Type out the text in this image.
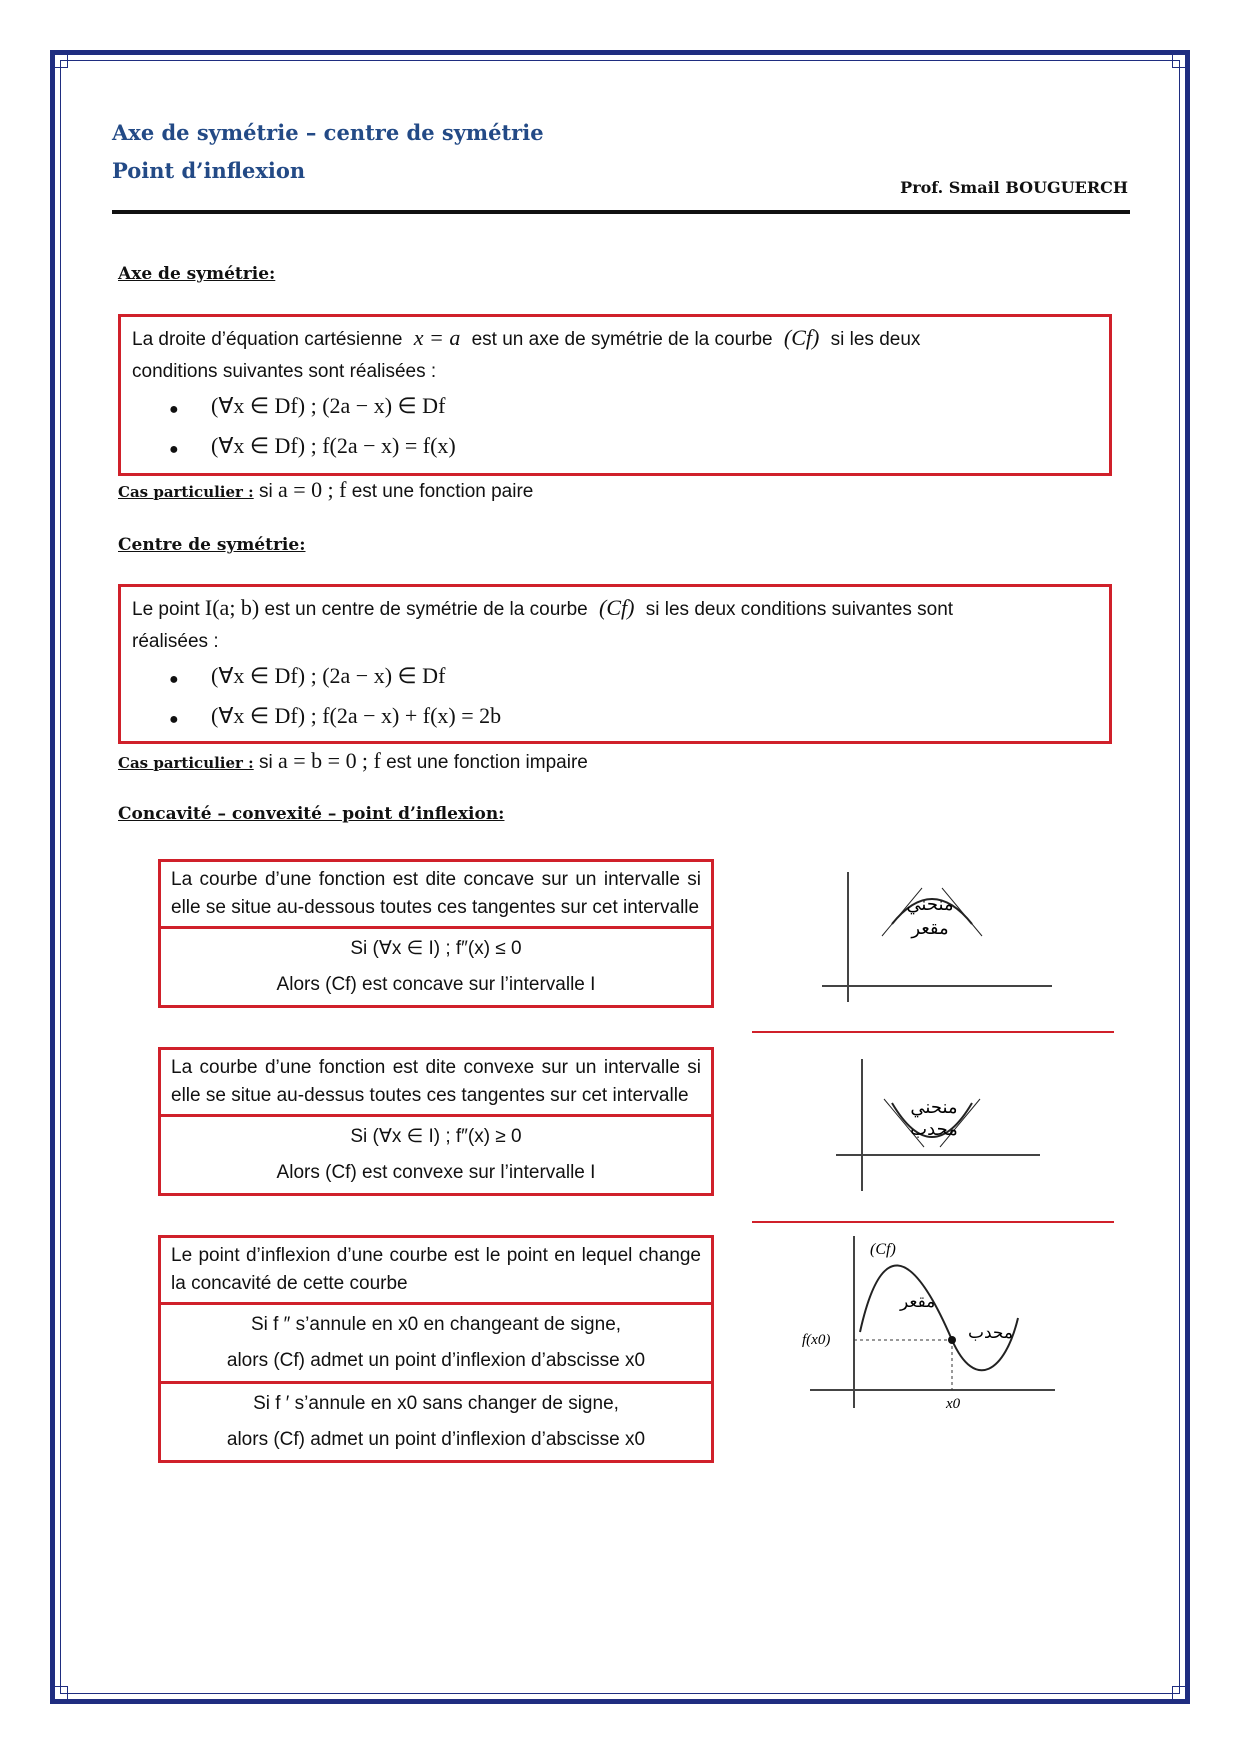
Axe de symétrie – centre de symétrie
Point d’inflexion
Prof. Smail BOUGUERCH
Axe de symétrie:
La droite d’équation cartésienne x = a est un axe de symétrie de la courbe (Cf) si les deux
conditions suivantes sont réalisées :
● (∀x ∈ Df) ; (2a − x) ∈ Df
● (∀x ∈ Df) ; f(2a − x) = f(x)
Cas particulier : si a = 0 ; f est une fonction paire
Centre de symétrie:
Le point I(a; b) est un centre de symétrie de la courbe (Cf) si les deux conditions suivantes sont
réalisées :
● (∀x ∈ Df) ; (2a − x) ∈ Df
● (∀x ∈ Df) ; f(2a − x) + f(x) = 2b
Cas particulier : si a = b = 0 ; f est une fonction impaire
Concavité – convexité – point d’inflexion:
La courbe d’une fonction est dite concave sur un intervalle si elle se situe au-dessous toutes ces tangentes sur cet intervalle
Si (∀x ∈ I) ; f″(x) ≤ 0
Alors (Cf) est concave sur l’intervalle I
La courbe d’une fonction est dite convexe sur un intervalle si elle se situe au-dessus toutes ces tangentes sur cet intervalle
Si (∀x ∈ I) ; f″(x) ≥ 0
Alors (Cf) est convexe sur l’intervalle I
Le point d’inflexion d’une courbe est le point en lequel change la concavité de cette courbe
Si f ″ s’annule en x0 en changeant de signe,
alors (Cf) admet un point d’inflexion d’abscisse x0
Si f ′ s’annule en x0 sans changer de signe,
alors (Cf) admet un point d’inflexion d’abscisse x0
منحني
مقعر
منحني
محدب
(Cf)
مقعر
محدب
f(x0)
x0
